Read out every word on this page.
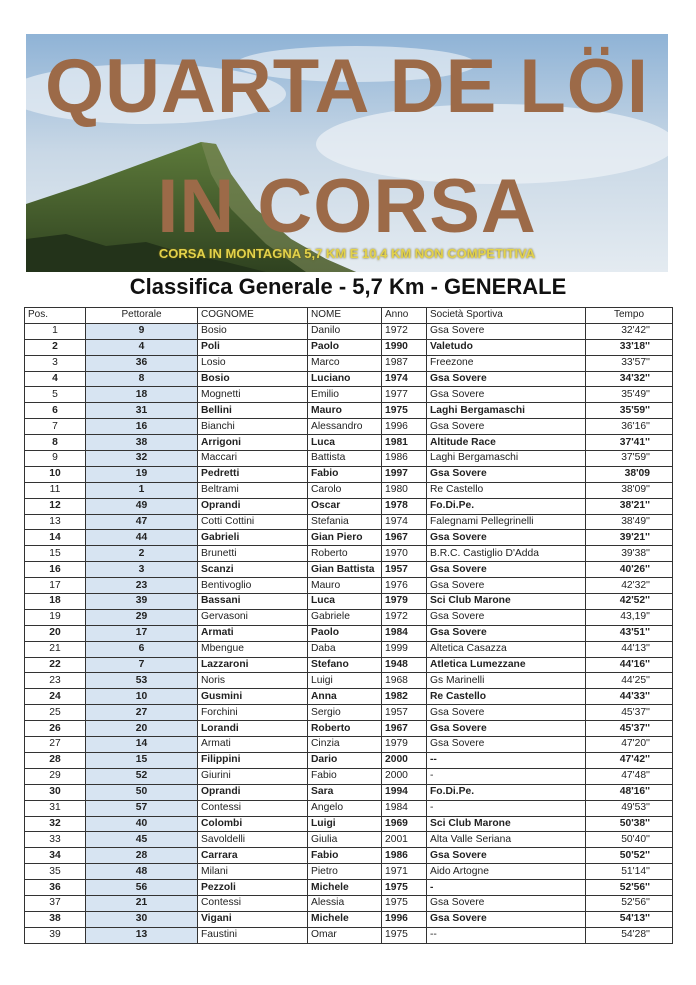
QUARTA DE LÖI
IN CORSA
CORSA IN MONTAGNA 5,7 KM E 10,4 KM NON COMPETITIVA
Classifica Generale - 5,7 Km - GENERALE
Pos.	Pettorale	COGNOME	NOME	Anno	Società Sportiva	Tempo
1	9	Bosio	Danilo	1972	Gsa Sovere	32'42''
2	4	Poli	Paolo	1990	Valetudo	33'18''
3	36	Losio	Marco	1987	Freezone	33'57''
4	8	Bosio	Luciano	1974	Gsa Sovere	34'32''
5	18	Mognetti	Emilio	1977	Gsa Sovere	35'49''
6	31	Bellini	Mauro	1975	Laghi Bergamaschi	35'59''
7	16	Bianchi	Alessandro	1996	Gsa Sovere	36'16''
8	38	Arrigoni	Luca	1981	Altitude Race	37'41''
9	32	Maccari	Battista	1986	Laghi Bergamaschi	37'59''
10	19	Pedretti	Fabio	1997	Gsa Sovere	38'09
11	1	Beltrami	Carolo	1980	Re Castello	38'09''
12	49	Oprandi	Oscar	1978	Fo.Di.Pe.	38'21''
13	47	Cotti Cottini	Stefania	1974	Falegnami Pellegrinelli	38'49''
14	44	Gabrieli	Gian Piero	1967	Gsa Sovere	39'21''
15	2	Brunetti	Roberto	1970	B.R.C. Castiglio D'Adda	39'38''
16	3	Scanzi	Gian Battista	1957	Gsa Sovere	40'26''
17	23	Bentivoglio	Mauro	1976	Gsa Sovere	42'32''
18	39	Bassani	Luca	1979	Sci Club Marone	42'52''
19	29	Gervasoni	Gabriele	1972	Gsa Sovere	43,19''
20	17	Armati	Paolo	1984	Gsa Sovere	43'51''
21	6	Mbengue	Daba	1999	Altetica Casazza	44'13''
22	7	Lazzaroni	Stefano	1948	Atletica Lumezzane	44'16''
23	53	Noris	Luigi	1968	Gs Marinelli	44'25''
24	10	Gusmini	Anna	1982	Re Castello	44'33''
25	27	Forchini	Sergio	1957	Gsa Sovere	45'37''
26	20	Lorandi	Roberto	1967	Gsa Sovere	45'37''
27	14	Armati	Cinzia	1979	Gsa Sovere	47'20''
28	15	Filippini	Dario	2000	--	47'42''
29	52	Giurini	Fabio	2000	-	47'48''
30	50	Oprandi	Sara	1994	Fo.Di.Pe.	48'16''
31	57	Contessi	Angelo	1984	-	49'53''
32	40	Colombi	Luigi	1969	Sci Club Marone	50'38''
33	45	Savoldelli	Giulia	2001	Alta Valle Seriana	50'40''
34	28	Carrara	Fabio	1986	Gsa Sovere	50'52''
35	48	Milani	Pietro	1971	Aido Artogne	51'14''
36	56	Pezzoli	Michele	1975	-	52'56''
37	21	Contessi	Alessia	1975	Gsa Sovere	52'56''
38	30	Vigani	Michele	1996	Gsa Sovere	54'13''
39	13	Faustini	Omar	1975	--	54'28''
